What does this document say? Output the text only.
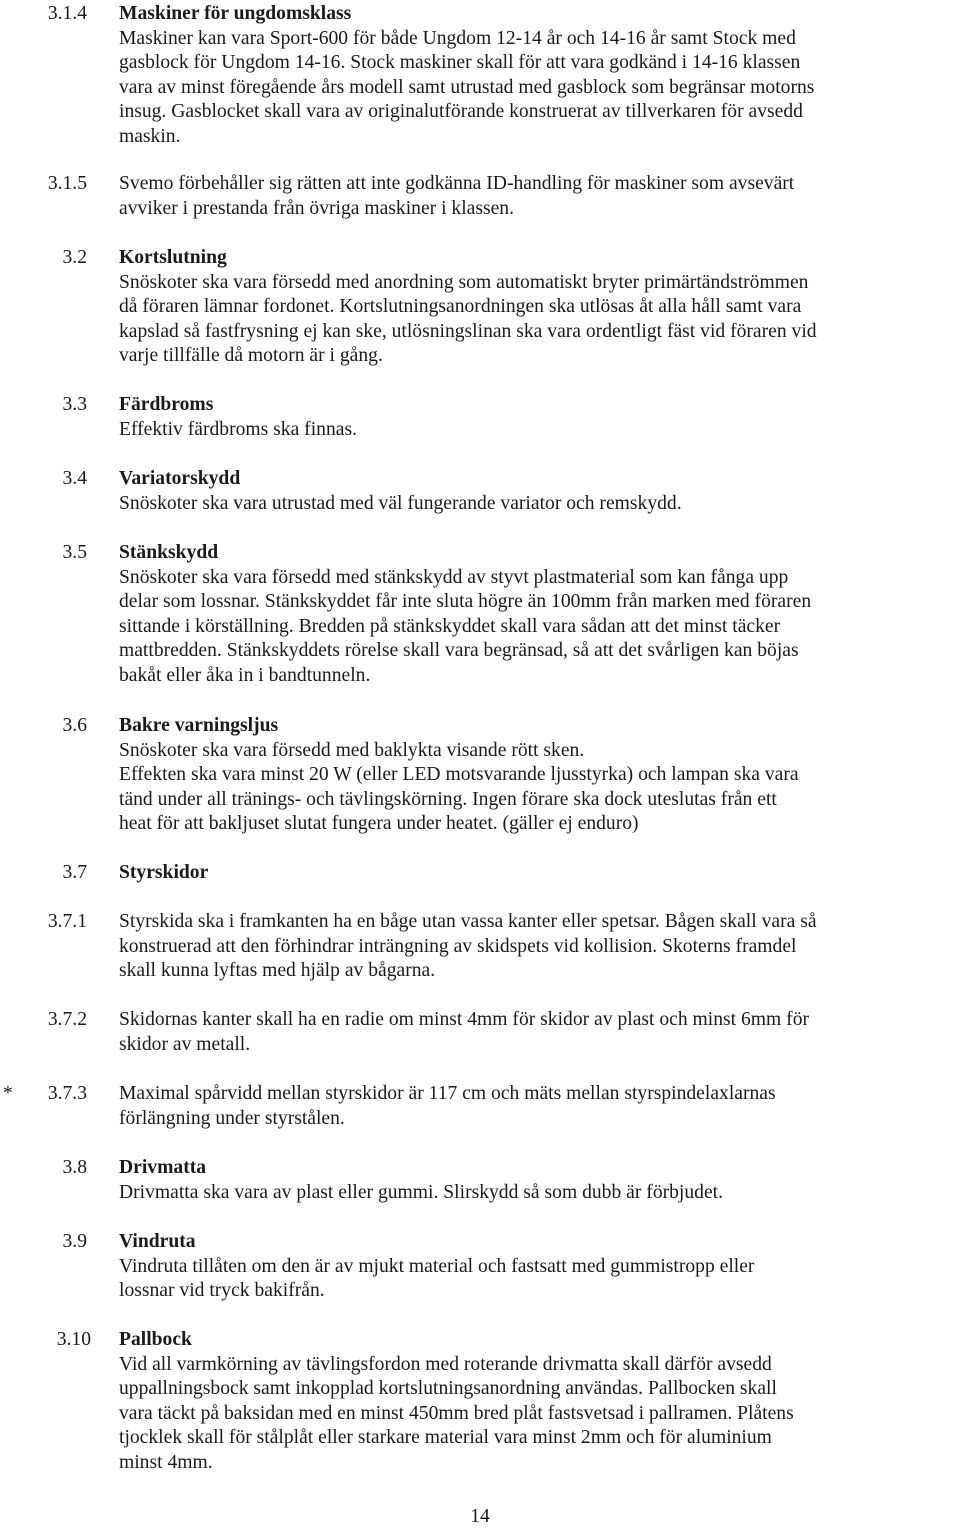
3.1.4 Maskiner för ungdomsklass
Maskiner kan vara Sport-600 för både Ungdom 12-14 år och 14-16 år samt Stock med
gasblock för Ungdom 14-16. Stock maskiner skall för att vara godkänd i 14-16 klassen
vara av minst föregående års modell samt utrustad med gasblock som begränsar motorns
insug. Gasblocket skall vara av originalutförande konstruerat av tillverkaren för avsedd
maskin.
3.1.5 Svemo förbehåller sig rätten att inte godkänna ID-handling för maskiner som avsevärt
avviker i prestanda från övriga maskiner i klassen.
3.2 Kortslutning
Snöskoter ska vara försedd med anordning som automatiskt bryter primärtändströmmen
då föraren lämnar fordonet. Kortslutningsanordningen ska utlösas åt alla håll samt vara
kapslad så fastfrysning ej kan ske, utlösningslinan ska vara ordentligt fäst vid föraren vid
varje tillfälle då motorn är i gång.
3.3 Färdbroms
Effektiv färdbroms ska finnas.
3.4 Variatorskydd
Snöskoter ska vara utrustad med väl fungerande variator och remskydd.
3.5 Stänkskydd
Snöskoter ska vara försedd med stänkskydd av styvt plastmaterial som kan fånga upp
delar som lossnar. Stänkskyddet får inte sluta högre än 100mm från marken med föraren
sittande i körställning. Bredden på stänkskyddet skall vara sådan att det minst täcker
mattbredden. Stänkskyddets rörelse skall vara begränsad, så att det svårligen kan böjas
bakåt eller åka in i bandtunneln.
3.6 Bakre varningsljus
Snöskoter ska vara försedd med baklykta visande rött sken.
Effekten ska vara minst 20 W (eller LED motsvarande ljusstyrka) och lampan ska vara
tänd under all tränings- och tävlingskörning. Ingen förare ska dock uteslutas från ett
heat för att bakljuset slutat fungera under heatet. (gäller ej enduro)
3.7 Styrskidor
3.7.1 Styrskida ska i framkanten ha en båge utan vassa kanter eller spetsar. Bågen skall vara så
konstruerad att den förhindrar inträngning av skidspets vid kollision. Skoterns framdel
skall kunna lyftas med hjälp av bågarna.
3.7.2 Skidornas kanter skall ha en radie om minst 4mm för skidor av plast och minst 6mm för
skidor av metall.
* 3.7.3 Maximal spårvidd mellan styrskidor är 117 cm och mäts mellan styrspindelaxlarnas
förlängning under styrstålen.
3.8 Drivmatta
Drivmatta ska vara av plast eller gummi. Slirskydd så som dubb är förbjudet.
3.9 Vindruta
Vindruta tillåten om den är av mjukt material och fastsatt med gummistropp eller
lossnar vid tryck bakifrån.
3.10 Pallbock
Vid all varmkörning av tävlingsfordon med roterande drivmatta skall därför avsedd
uppallningsbock samt inkopplad kortslutningsanordning användas. Pallbocken skall
vara täckt på baksidan med en minst 450mm bred plåt fastsvetsad i pallramen. Plåtens
tjocklek skall för stålplåt eller starkare material vara minst 2mm och för aluminium
minst 4mm.
14
